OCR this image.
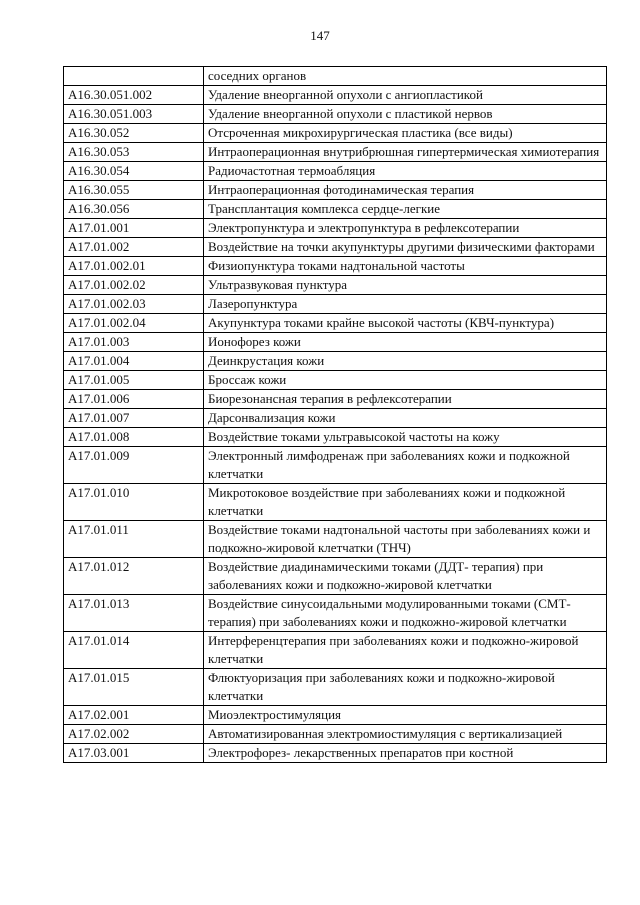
147
	соседних органов
A16.30.051.002	Удаление внеорганной опухоли с ангиопластикой
A16.30.051.003	Удаление внеорганной опухоли с пластикой нервов
A16.30.052	Отсроченная микрохирургическая пластика (все виды)
A16.30.053	Интраоперационная внутрибрюшная гипертермическая химиотерапия
A16.30.054	Радиочастотная термоабляция
A16.30.055	Интраоперационная фотодинамическая терапия
A16.30.056	Трансплантация комплекса сердце-легкие
A17.01.001	Электропунктура и электропунктура в рефлексотерапии
A17.01.002	Воздействие на точки акупунктуры другими физическими факторами
A17.01.002.01	Физиопунктура токами надтональной частоты
A17.01.002.02	Ультразвуковая пунктура
A17.01.002.03	Лазеропунктура
A17.01.002.04	Акупунктура токами крайне высокой частоты (КВЧ-пунктура)
A17.01.003	Ионофорез кожи
A17.01.004	Деинкрустация кожи
A17.01.005	Броссаж кожи
A17.01.006	Биорезонансная терапия в рефлексотерапии
A17.01.007	Дарсонвализация кожи
A17.01.008	Воздействие токами ультравысокой частоты на кожу
A17.01.009	Электронный лимфодренаж при заболеваниях кожи и подкожной клетчатки
A17.01.010	Микротоковое воздействие при заболеваниях кожи и подкожной клетчатки
A17.01.011	Воздействие токами надтональной частоты при заболеваниях кожи и подкожно-жировой клетчатки (ТНЧ)
A17.01.012	Воздействие диадинамическими токами (ДДТ- терапия) при заболеваниях кожи и подкожно-жировой клетчатки
A17.01.013	Воздействие синусоидальными модулированными токами (СМТ-терапия) при заболеваниях кожи и подкожно-жировой клетчатки
A17.01.014	Интерференцтерапия при заболеваниях кожи и подкожно-жировой клетчатки
A17.01.015	Флюктуоризация при заболеваниях кожи и подкожно-жировой клетчатки
A17.02.001	Миоэлектростимуляция
A17.02.002	Автоматизированная электромиостимуляция с вертикализацией
A17.03.001	Электрофорез- лекарственных препаратов при костной
